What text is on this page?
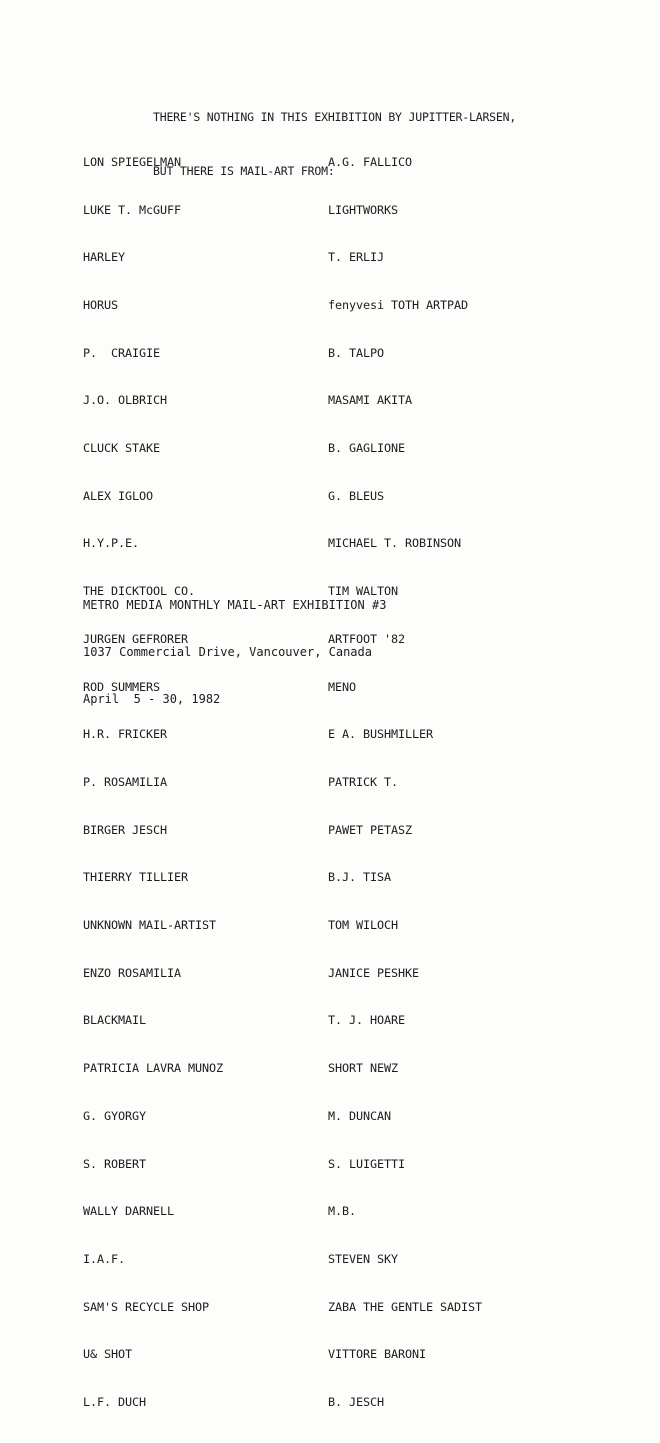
THERE'S NOTHING IN THIS EXHIBITION BY JUPITTER-LARSEN,

BUT THERE IS MAIL-ART FROM:

LON SPIEGELMAN

LUKE T. McGUFF

HARLEY

HORUS

P.  CRAIGIE

J.O. OLBRICH

CLUCK STAKE

ALEX IGLOO

H.Y.P.E.

THE DICKTOOL CO.

JURGEN GEFRORER

ROD SUMMERS

H.R. FRICKER

P. ROSAMILIA

BIRGER JESCH

THIERRY TILLIER

UNKNOWN MAIL-ARTIST

ENZO ROSAMILIA

BLACKMAIL

PATRICIA LAVRA MUNOZ

G. GYORGY

S. ROBERT

WALLY DARNELL

I.A.F.

SAM'S RECYCLE SHOP

U& SHOT

L.F. DUCH

A.G. FALLICO

LIGHTWORKS

T. ERLIJ

fenyvesi TOTH ARTPAD

B. TALPO

MASAMI AKITA

B. GAGLIONE

G. BLEUS

MICHAEL T. ROBINSON

TIM WALTON

ARTFOOT '82

MENO

E A. BUSHMILLER

PATRICK T.

PAWET PETASZ

B.J. TISA

TOM WILOCH

JANICE PESHKE

T. J. HOARE

SHORT NEWZ

M. DUNCAN

S. LUIGETTI

M.B.

STEVEN SKY

ZABA THE GENTLE SADIST

VITTORE BARONI

B. JESCH

METRO MEDIA MONTHLY MAIL-ART EXHIBITION #3

1037 Commercial Drive, Vancouver, Canada

April  5 - 30, 1982
